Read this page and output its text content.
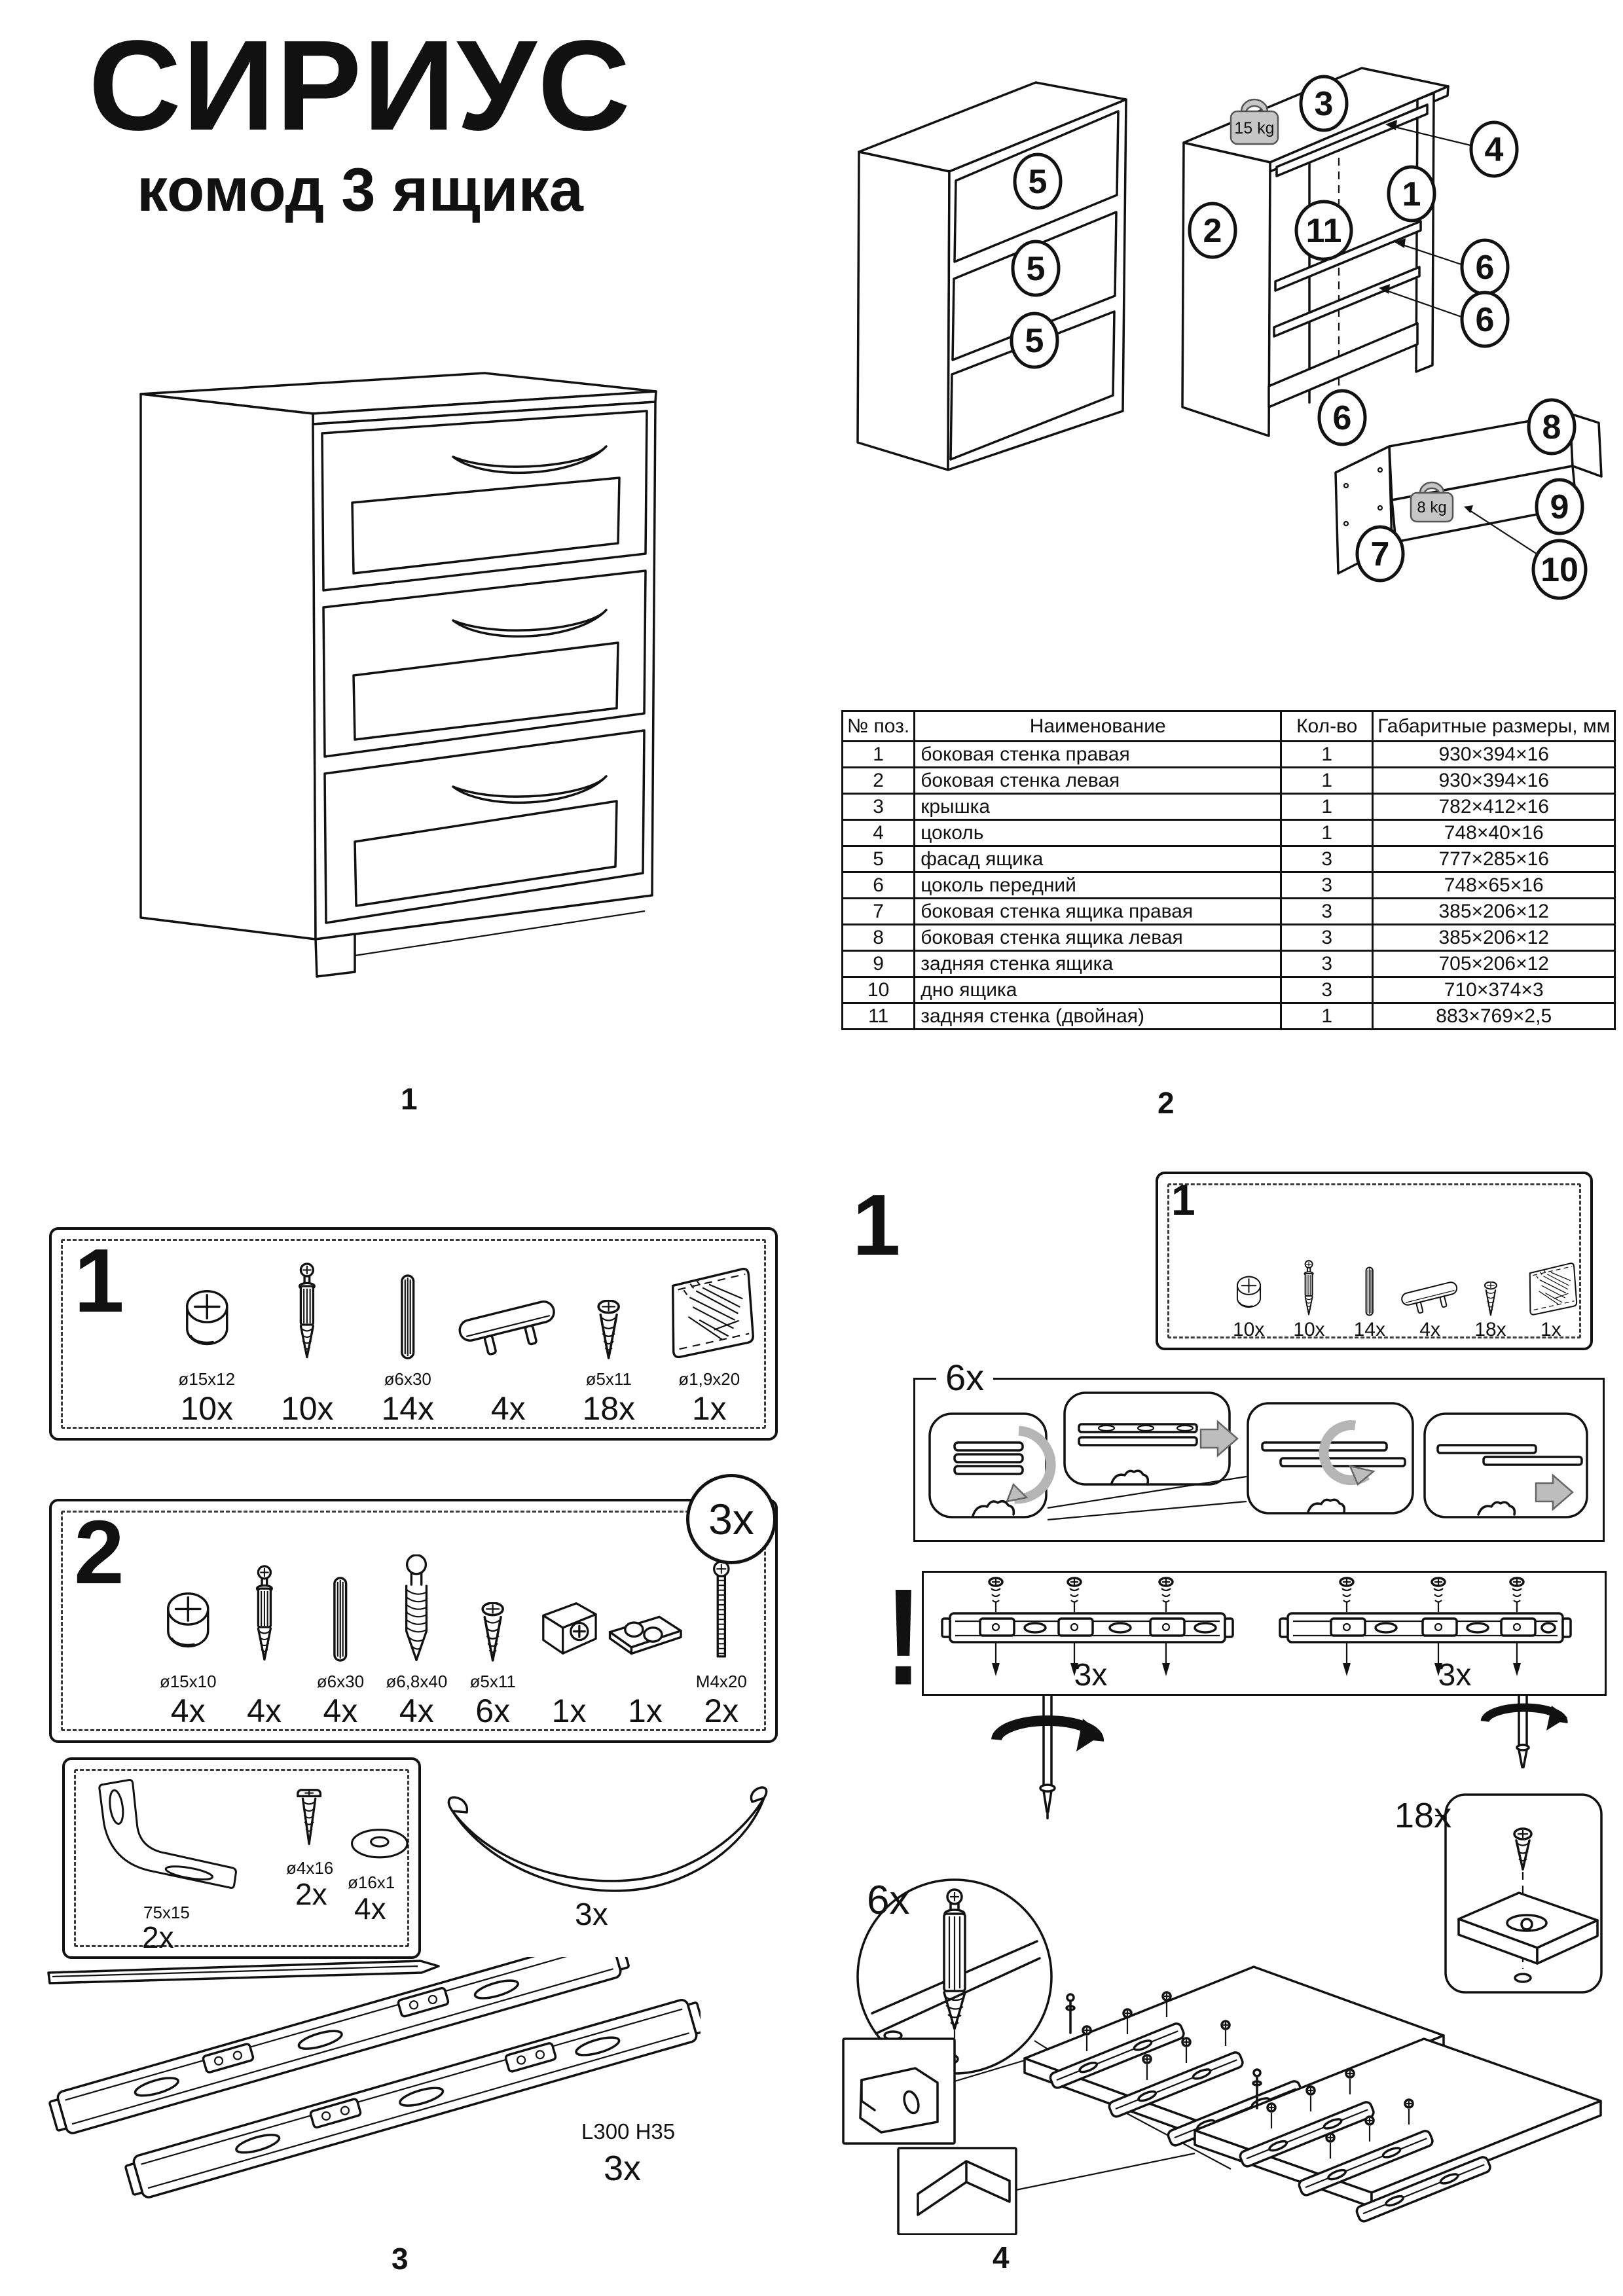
СИРИУС
комод 3 ящика
15 kg
8 kg
5
5
5
3
4
1
2 11
6
6
6	8
9
10
7
№ поз.	Наименование	Кол-во	Габаритные размеры, мм
1	боковая стенка правая	1	930×394×16
2	боковая стенка левая	1	930×394×16
3	крышка	1	782×412×16
4	цоколь	1	748×40×16
5	фасад ящика	3	777×285×16
6	цоколь передний	3	748×65×16
7	боковая стенка ящика правая	3	385×206×12
8	боковая стенка ящика левая	3	385×206×12
9	задняя стенка ящика	3	705×206×12
10	дно ящика	3	710×374×3
11	задняя стенка (двойная)	1	883×769×2,5
1	2
3	4
1
ø15x12
10x 10x
ø6x30
14x 4x
ø5x11
18x
ø1,9x20
1x
2
ø15x10
4x 4x
ø6x30
4x
ø6,8x40
4x
ø5x11
6x 1x 1x
M4x20
2x
3x
75x15
2x
ø4x16
2x ø16x1
4x	3x
L300 H35
3x
1	1
10x 10x 14x 4x 18x 1x
6x
!	3x	3x
6x
18x
